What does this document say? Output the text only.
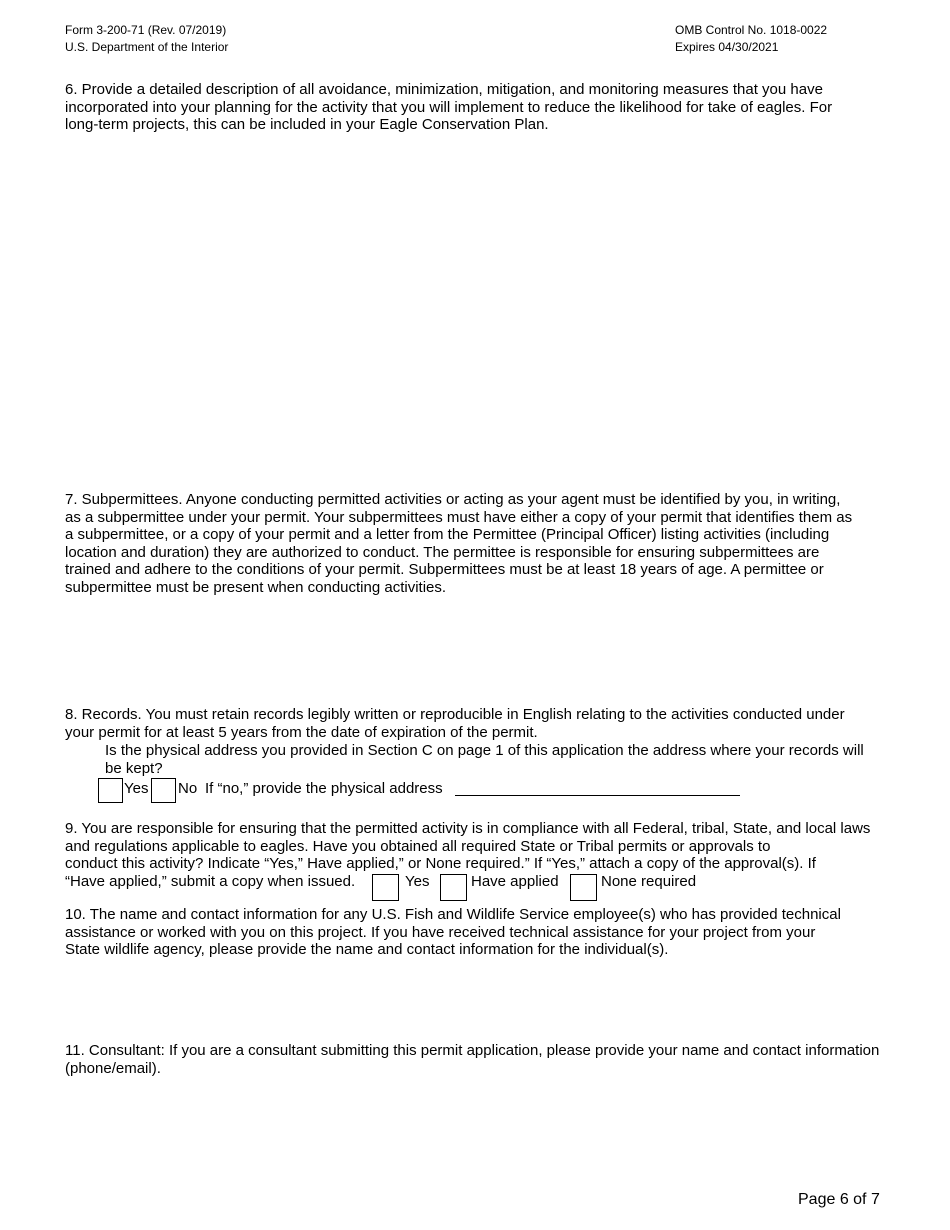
Form 3-200-71 (Rev. 07/2019)
U.S. Department of the Interior
OMB Control No. 1018-0022
Expires 04/30/2021
6. Provide a detailed description of all avoidance, minimization, mitigation, and monitoring measures that you have
incorporated into your planning for the activity that you will implement to reduce the likelihood for take of eagles. For
long-term projects, this can be included in your Eagle Conservation Plan.
7. Subpermittees. Anyone conducting permitted activities or acting as your agent must be identified by you, in writing,
as a subpermittee under your permit. Your subpermittees must have either a copy of your permit that identifies them as
a subpermittee, or a copy of your permit and a letter from the Permittee (Principal Officer) listing activities (including
location and duration) they are authorized to conduct. The permittee is responsible for ensuring subpermittees are
trained and adhere to the conditions of your permit. Subpermittees must be at least 18 years of age. A permittee or
subpermittee must be present when conducting activities.
8. Records. You must retain records legibly written or reproducible in English relating to the activities conducted under
your permit for at least 5 years from the date of expiration of the permit.
Is the physical address you provided in Section C on page 1 of this application the address where your records will
be kept?
Yes No If “no,” provide the physical address
9. You are responsible for ensuring that the permitted activity is in compliance with all Federal, tribal, State, and local laws
and regulations applicable to eagles. Have you obtained all required State or Tribal permits or approvals to
conduct this activity? Indicate “Yes,” Have applied,” or None required.” If “Yes,” attach a copy of the approval(s). If
“Have applied,” submit a copy when issued.	Yes	Have applied	None required
10. The name and contact information for any U.S. Fish and Wildlife Service employee(s) who has provided technical
assistance or worked with you on this project. If you have received technical assistance for your project from your
State wildlife agency, please provide the name and contact information for the individual(s).
11. Consultant: If you are a consultant submitting this permit application, please provide your name and contact information
(phone/email).
Page 6 of 7
